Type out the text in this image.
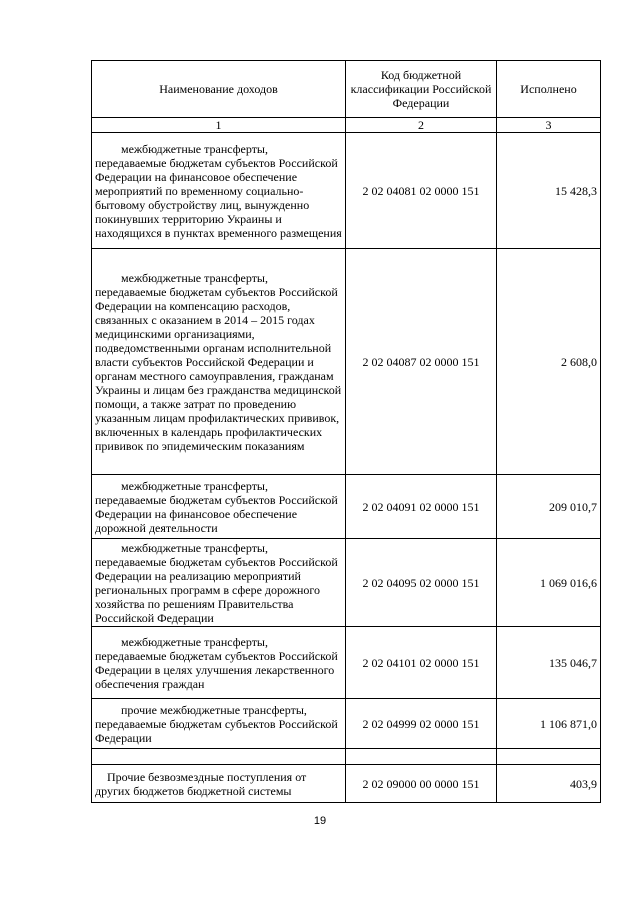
Наименование доходов	Код бюджетной классификации Российской Федерации	Исполнено
1	2	3
межбюджетные трансферты, передаваемые бюджетам субъектов Российской Федерации на финансовое обеспечение мероприятий по временному социально-бытовому обустройству лиц, вынужденно покинувших территорию Украины и находящихся в пунктах временного размещения	2 02 04081 02 0000 151	15 428,3
межбюджетные трансферты, передаваемые бюджетам субъектов Российской Федерации на компенсацию расходов, связанных с оказанием в 2014 – 2015 годах медицинскими организациями, подведомственными органам исполнительной власти субъектов Российской Федерации и органам местного самоуправления, гражданам Украины и лицам без гражданства медицинской помощи, а также затрат по проведению указанным лицам профилактических прививок, включенных в календарь профилактических прививок по эпидемическим показаниям	2 02 04087 02 0000 151	2 608,0
межбюджетные трансферты, передаваемые бюджетам субъектов Российской Федерации на финансовое обеспечение дорожной деятельности	2 02 04091 02 0000 151	209 010,7
межбюджетные трансферты, передаваемые бюджетам субъектов Российской Федерации на реализацию мероприятий региональных программ в сфере дорожного хозяйства по решениям Правительства Российской Федерации	2 02 04095 02 0000 151	1 069 016,6
межбюджетные трансферты, передаваемые бюджетам субъектов Российской Федерации в целях улучшения лекарственного обеспечения граждан	2 02 04101 02 0000 151	135 046,7
прочие межбюджетные трансферты, передаваемые бюджетам субъектов Российской Федерации	2 02 04999 02 0000 151	1 106 871,0

Прочие безвозмездные поступления от других бюджетов бюджетной системы	2 02 09000 00 0000 151	403,9
19
